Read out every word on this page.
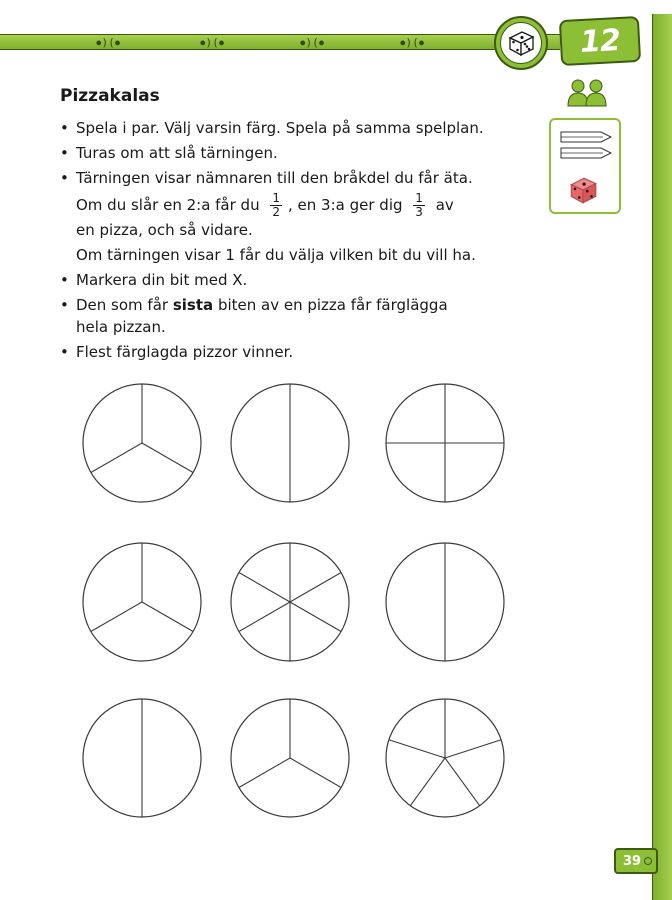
⦁)(⦁	⦁)(⦁	⦁)(⦁	⦁)(⦁	12
Pizzakalas
• Spela i par. Välj varsin färg. Spela på samma spelplan.
• Turas om att slå tärningen.
• Tärningen visar nämnaren till den bråkdel du får äta.
Om du slår en 2:a får du $\frac{1}{2}$ , en 3:a ger dig $\frac{1}{3}$ av
en pizza, och så vidare.
Om tärningen visar 1 får du välja vilken bit du vill ha.
• Markera din bit med X.
• Den som får sista biten av en pizza får färglägga
hela pizzan.
• Flest färglagda pizzor vinner.
39
